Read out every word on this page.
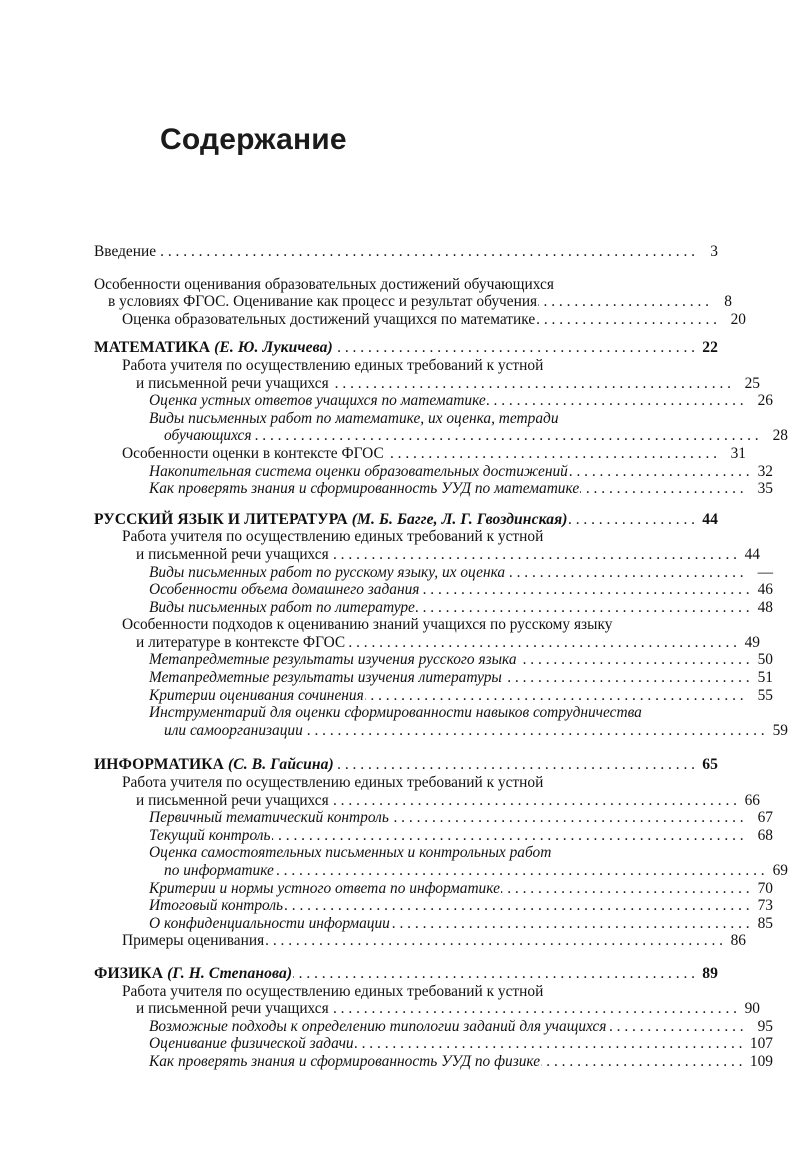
Содержание
Введение . . .	3
Особенности оценивания образовательных достижений обучающихся
в условиях ФГОС. Оценивание как процесс и результат обучения . . .	8
Оценка образовательных достижений учащихся по математике . . .	20
МАТЕМАТИКА (Е. Ю. Лукичева) . . .	22
Работа учителя по осуществлению единых требований к устной
и письменной речи учащихся . . .	25
Оценка устных ответов учащихся по математике . . .	26
Виды письменных работ по математике, их оценка, тетради
обучающихся . . .	28
Особенности оценки в контексте ФГОС . . .	31
Накопительная система оценки образовательных достижений . . .	32
Как проверять знания и сформированность УУД по математике . . .	35
РУССКИЙ ЯЗЫК И ЛИТЕРАТУРА (М. Б. Багге, Л. Г. Гвоздинская) . . .	44
Работа учителя по осуществлению единых требований к устной
и письменной речи учащихся . . .	44
Виды письменных работ по русскому языку, их оценка . . .	—
Особенности объема домашнего задания . . .	46
Виды письменных работ по литературе . . .	48
Особенности подходов к оцениванию знаний учащихся по русскому языку
и литературе в контексте ФГОС . . .	49
Метапредметные результаты изучения русского языка . . .	50
Метапредметные результаты изучения литературы . . .	51
Критерии оценивания сочинения . . .	55
Инструментарий для оценки сформированности навыков сотрудничества
или самоорганизации . . .	59
ИНФОРМАТИКА (С. В. Гайсина) . . .	65
Работа учителя по осуществлению единых требований к устной
и письменной речи учащихся . . .	66
Первичный тематический контроль . . .	67
Текущий контроль . . .	68
Оценка самостоятельных письменных и контрольных работ
по информатике . . .	69
Критерии и нормы устного ответа по информатике . . .	70
Итоговый контроль . . .	73
О конфиденциальности информации . . .	85
Примеры оценивания . . .	86
ФИЗИКА (Г. Н. Степанова) . . .	89
Работа учителя по осуществлению единых требований к устной
и письменной речи учащихся . . .	90
Возможные подходы к определению типологии заданий для учащихся . . .	95
Оценивание физической задачи . . .	107
Как проверять знания и сформированность УУД по физике . . .	109
